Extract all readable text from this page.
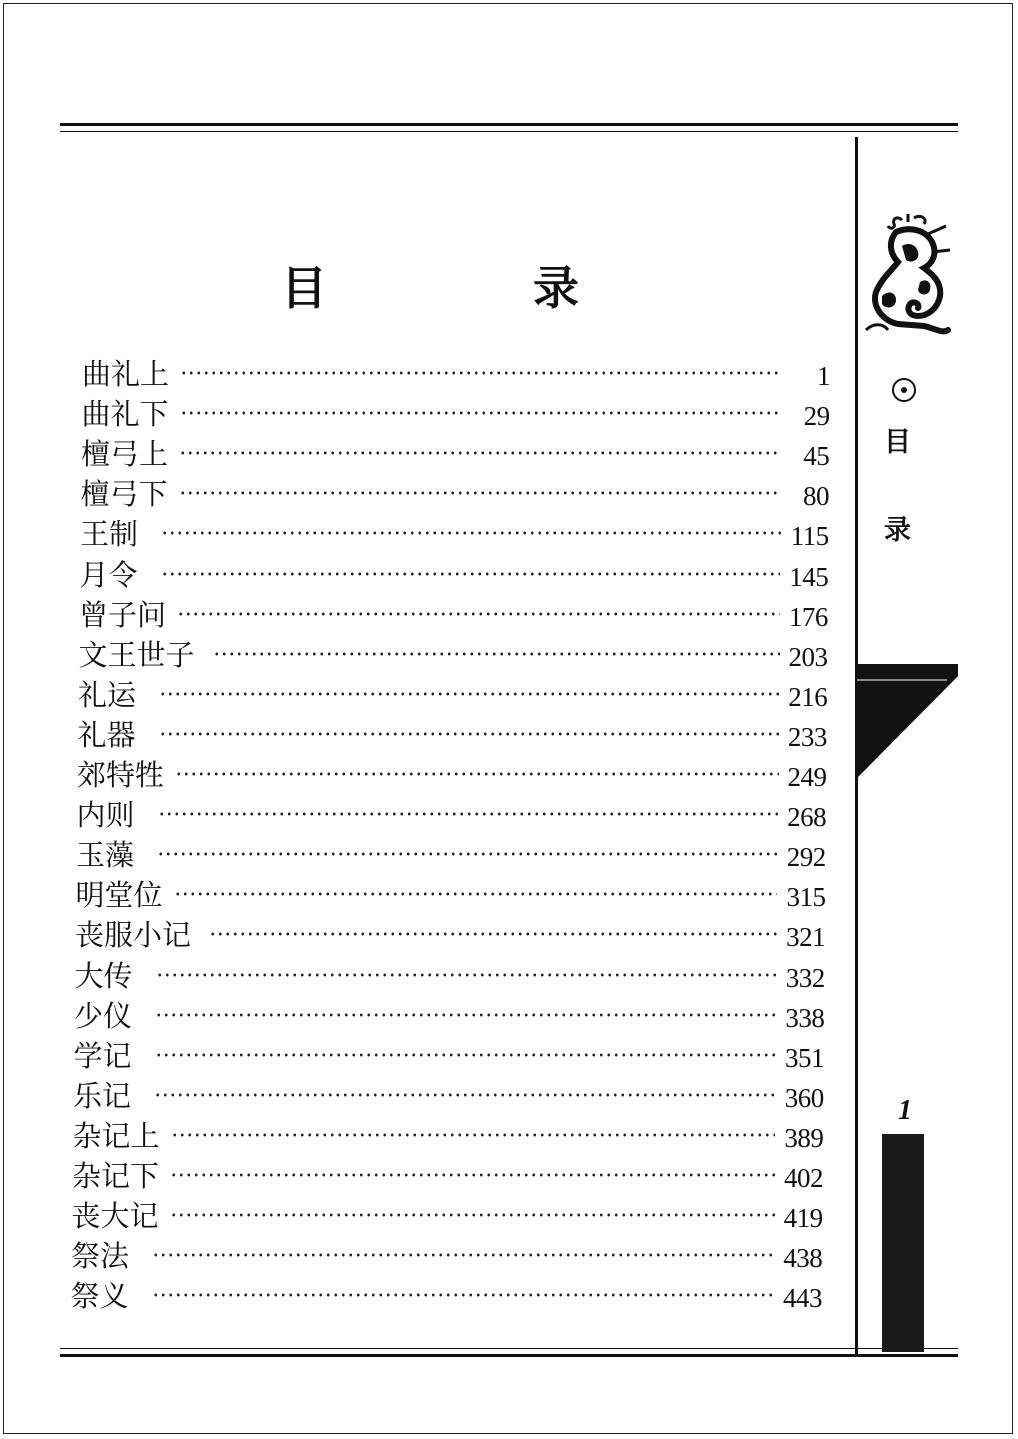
目　录
曲礼上	1
曲礼下	29
檀弓上	45
檀弓下	80
王制	115
月令	145
曾子问	176
文王世子	203
礼运	216
礼器	233
郊特牲	249
内则	268
玉藻	292
明堂位	315
丧服小记	321
大传	332
少仪	338
学记	351
乐记	360
杂记上	389
杂记下	402
丧大记	419
祭法	438
祭义	443
目
录
1
